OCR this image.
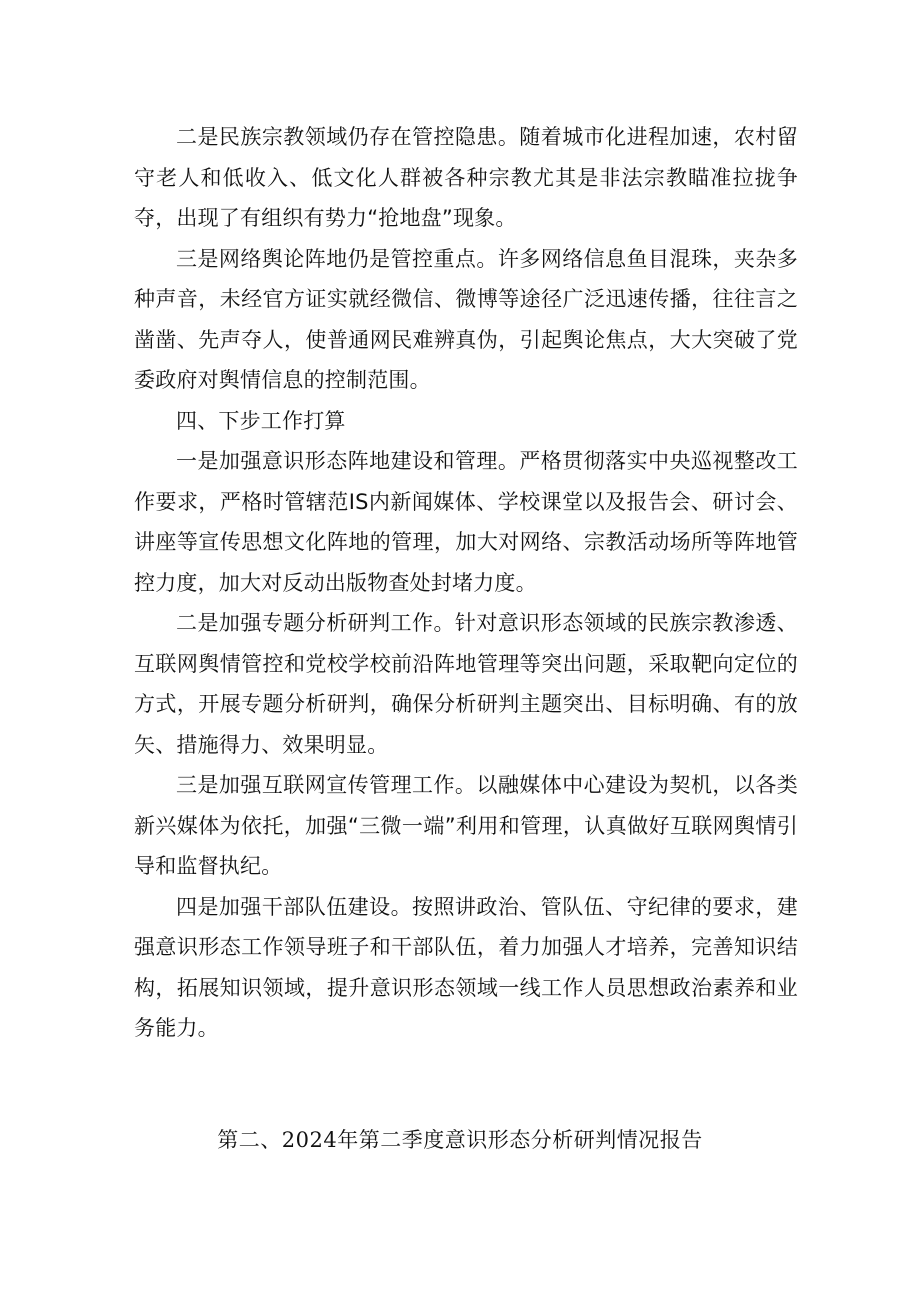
二是民族宗教领域仍存在管控隐患。随着城市化进程加速，农村留守老人和低收入、低文化人群被各种宗教尤其是非法宗教瞄准拉拢争夺，出现了有组织有势力“抢地盘”现象。

三是网络舆论阵地仍是管控重点。许多网络信息鱼目混珠，夹杂多种声音，未经官方证实就经微信、微博等途径广泛迅速传播，往往言之凿凿、先声夺人，使普通网民难辨真伪，引起舆论焦点，大大突破了党委政府对舆情信息的控制范围。

四、下步工作打算

一是加强意识形态阵地建设和管理。严格贯彻落实中央巡视整改工作要求，严格时管辖范IS内新闻媒体、学校课堂以及报告会、研讨会、讲座等宣传思想文化阵地的管理，加大对网络、宗教活动场所等阵地管控力度，加大对反动出版物查处封堵力度。

二是加强专题分析研判工作。针对意识形态领域的民族宗教渗透、互联网舆情管控和党校学校前沿阵地管理等突出问题，采取靶向定位的方式，开展专题分析研判，确保分析研判主题突出、目标明确、有的放矢、措施得力、效果明显。

三是加强互联网宣传管理工作。以融媒体中心建设为契机，以各类新兴媒体为依托，加强“三微一端”利用和管理，认真做好互联网舆情引导和监督执纪。

四是加强干部队伍建设。按照讲政治、管队伍、守纪律的要求，建强意识形态工作领导班子和干部队伍，着力加强人才培养，完善知识结构，拓展知识领域，提升意识形态领域一线工作人员思想政治素养和业务能力。

第二、2024年第二季度意识形态分析研判情况报告
